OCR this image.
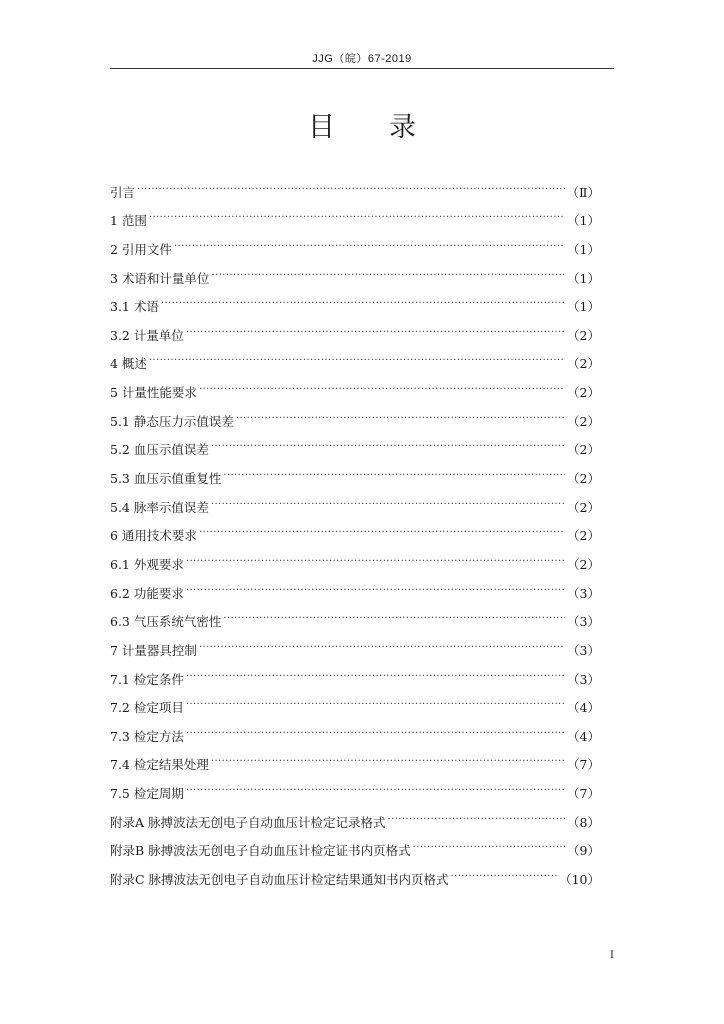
JJG（皖）67-2019
目录
引言 .....	（Ⅱ）
1 范围 .....	（1）
2 引用文件 .....	（1）
3 术语和计量单位 .....	（1）
3.1 术语 .....	（1）
3.2 计量单位 .....	（2）
4 概述 .....	（2）
5 计量性能要求 .....	（2）
5.1 静态压力示值误差 .....	（2）
5.2 血压示值误差 .....	（2）
5.3 血压示值重复性 .....	（2）
5.4 脉率示值误差 .....	（2）
6 通用技术要求 .....	（2）
6.1 外观要求 .....	（2）
6.2 功能要求 .....	（3）
6.3 气压系统气密性 .....	（3）
7 计量器具控制 .....	（3）
7.1 检定条件 .....	（3）
7.2 检定项目 .....	（4）
7.3 检定方法 .....	（4）
7.4 检定结果处理 .....	（7）
7.5 检定周期 .....	（7）
附录A 脉搏波法无创电子自动血压计检定记录格式 .....	（8）
附录B 脉搏波法无创电子自动血压计检定证书内页格式 .....	（9）
附录C 脉搏波法无创电子自动血压计检定结果通知书内页格式 .....	（10）
I
